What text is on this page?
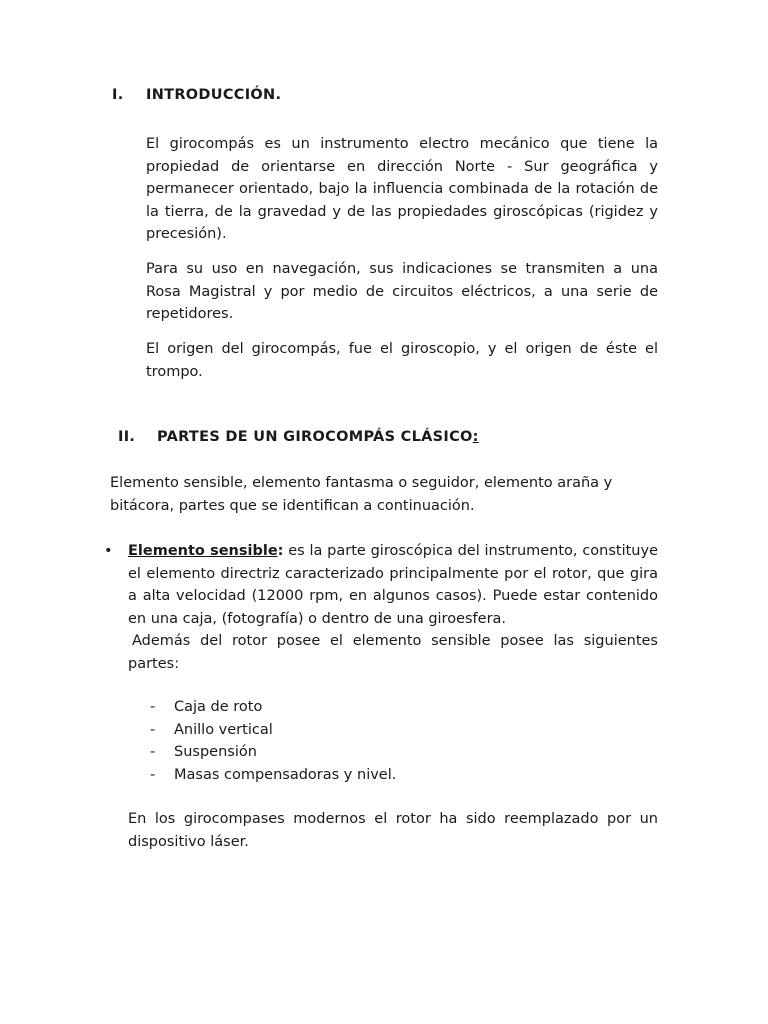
I. INTRODUCCIÓN.

El girocompás es un instrumento electro mecánico que tiene la propiedad de orientarse en dirección Norte - Sur geográfica y permanecer orientado, bajo la influencia combinada de la rotación de la tierra, de la gravedad y de las propiedades giroscópicas (rigidez y precesión).

Para su uso en navegación, sus indicaciones se transmiten a una Rosa Magistral y por medio de circuitos eléctricos, a una serie de repetidores.

El origen del girocompás, fue el giroscopio, y el origen de éste el trompo.

II. PARTES DE UN GIROCOMPÁS CLÁSICO:

Elemento sensible, elemento fantasma o seguidor, elemento araña y bitácora, partes que se identifican a continuación.

• Elemento sensible: es la parte giroscópica del instrumento, constituye el elemento directriz caracterizado principalmente por el rotor, que gira a alta velocidad (12000 rpm, en algunos casos). Puede estar contenido en una caja, (fotografía) o dentro de una giroesfera.
Además del rotor posee el elemento sensible posee las siguientes partes:

- Caja de roto
- Anillo vertical
- Suspensión
- Masas compensadoras y nivel.

En los girocompases modernos el rotor ha sido reemplazado por un dispositivo láser.
